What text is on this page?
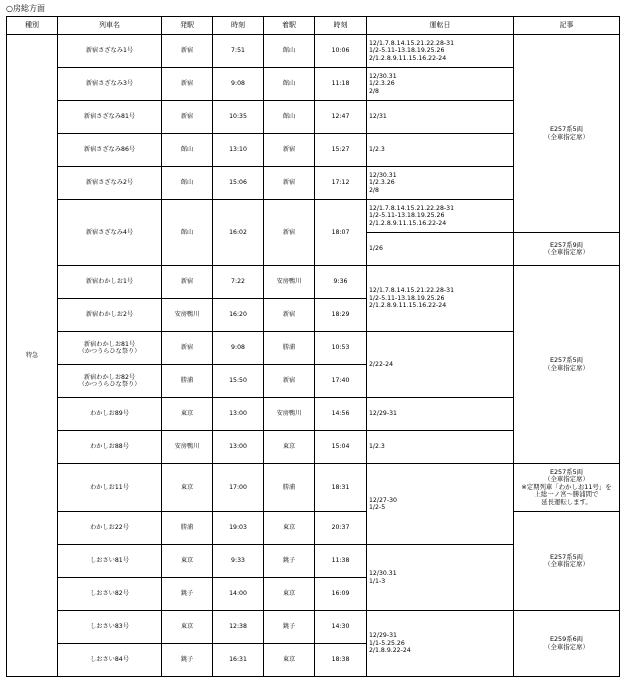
○房総方面
種別	列車名	発駅	時刻	着駅	時刻	運転日	記事
特急	新宿さざなみ1号	新宿	7:51	館山	10:06	12/1.7.8.14.15.21.22.28-31
1/2-5.11-13.18.19.25.26
2/1.2.8.9.11.15.16.22-24	E257系5両
（全車指定席）

	新宿さざなみ3号	新宿	9:08	館山	11:18	12/30.31
1/2.3.26
2/8	

	新宿さざなみ81号	新宿	10:35	館山	12:47	12/31	

	新宿さざなみ86号	館山	13:10	新宿	15:27	1/2.3	

	新宿さざなみ2号	館山	15:06	新宿	17:12	12/30.31
1/2.3.26
2/8	

	新宿さざなみ4号	館山	16:02	新宿	18:07	12/1.7.8.14.15.21.22.28-31
1/2-5.11-13.18.19.25.26
2/1.2.8.9.11.15.16.22-24	

						1/26	E257系9両
（全車指定席）

	新宿わかしお1号	新宿	7:22	安房鴨川	9:36	12/1.7.8.14.15.21.22.28-31
1/2-5.11-13.18.19.25.26
2/1.2.8.9.11.15.16.22-24	E257系5両
（全車指定席）

	新宿わかしお2号	安房鴨川	16:20	新宿	18:29		

	新宿わかしお81号
（かつうらひな祭り）	新宿	9:08	勝浦	10:53	2/22-24	

	新宿わかしお82号
（かつうらひな祭り）	勝浦	15:50	新宿	17:40		

	わかしお89号	東京	13:00	安房鴨川	14:56	12/29-31	

	わかしお88号	安房鴨川	13:00	東京	15:04	1/2.3	

	わかしお11号	東京	17:00	勝浦	18:31	12/27-30
1/2-5	E257系5両
（全車指定席）
※定期列車「わかしお11号」を
上総一ノ宮～勝浦間で
延長運転します。

	わかしお22号	勝浦	19:03	東京	20:37		E257系5両
（全車指定席）

	しおさい81号	東京	9:33	銚子	11:38	12/30.31
1/1-3	

	しおさい82号	銚子	14:00	東京	16:09		

	しおさい83号	東京	12:38	銚子	14:30	12/29-31
1/1-5.25.26
2/1.8.9.22-24	E259系6両
（全車指定席）

	しおさい84号	銚子	16:31	東京	18:38		
